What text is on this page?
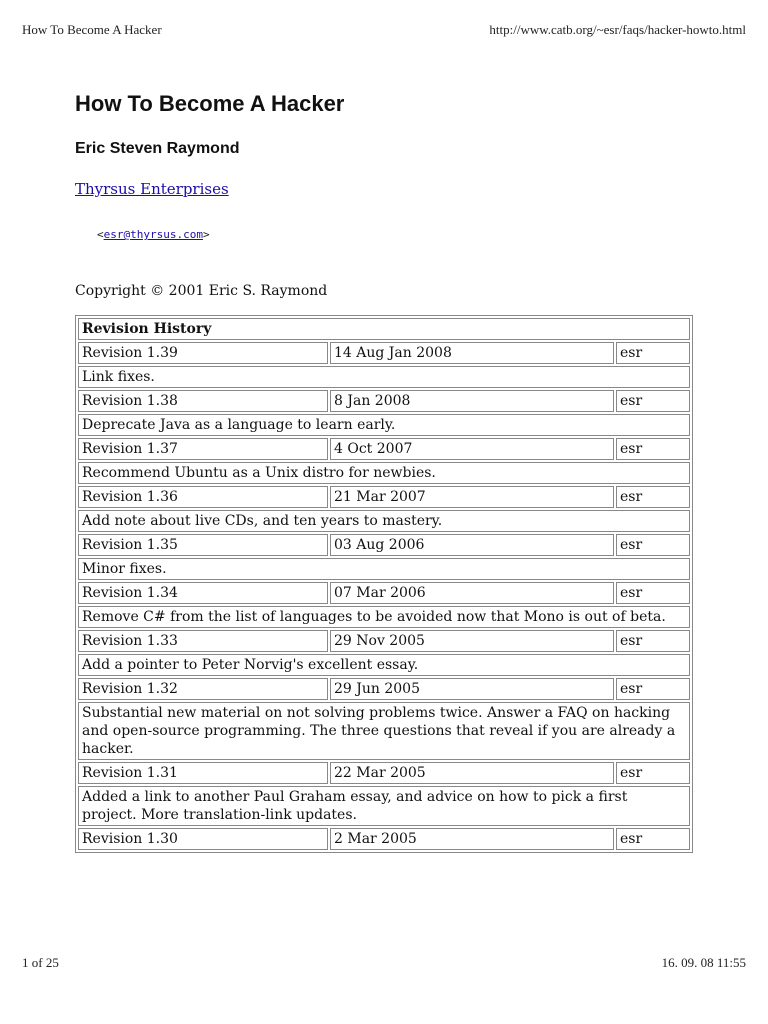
How To Become A Hacker	http://www.catb.org/~esr/faqs/hacker-howto.html
How To Become A Hacker
Eric Steven Raymond
Thyrsus Enterprises
<esr@thyrsus.com>
Copyright © 2001 Eric S. Raymond
Revision History		
Revision 1.39	14 Aug Jan 2008	esr
Link fixes.		
Revision 1.38	8 Jan 2008	esr
Deprecate Java as a language to learn early.		
Revision 1.37	4 Oct 2007	esr
Recommend Ubuntu as a Unix distro for newbies.		
Revision 1.36	21 Mar 2007	esr
Add note about live CDs, and ten years to mastery.		
Revision 1.35	03 Aug 2006	esr
Minor fixes.		
Revision 1.34	07 Mar 2006	esr
Remove C# from the list of languages to be avoided now that Mono is out of beta.		
Revision 1.33	29 Nov 2005	esr
Add a pointer to Peter Norvig's excellent essay.		
Revision 1.32	29 Jun 2005	esr
Substantial new material on not solving problems twice. Answer a FAQ on hacking and open-source programming. The three questions that reveal if you are already a hacker.		
Revision 1.31	22 Mar 2005	esr
Added a link to another Paul Graham essay, and advice on how to pick a first project. More translation-link updates.		
Revision 1.30	2 Mar 2005	esr
1 of 25	16. 09. 08 11:55
